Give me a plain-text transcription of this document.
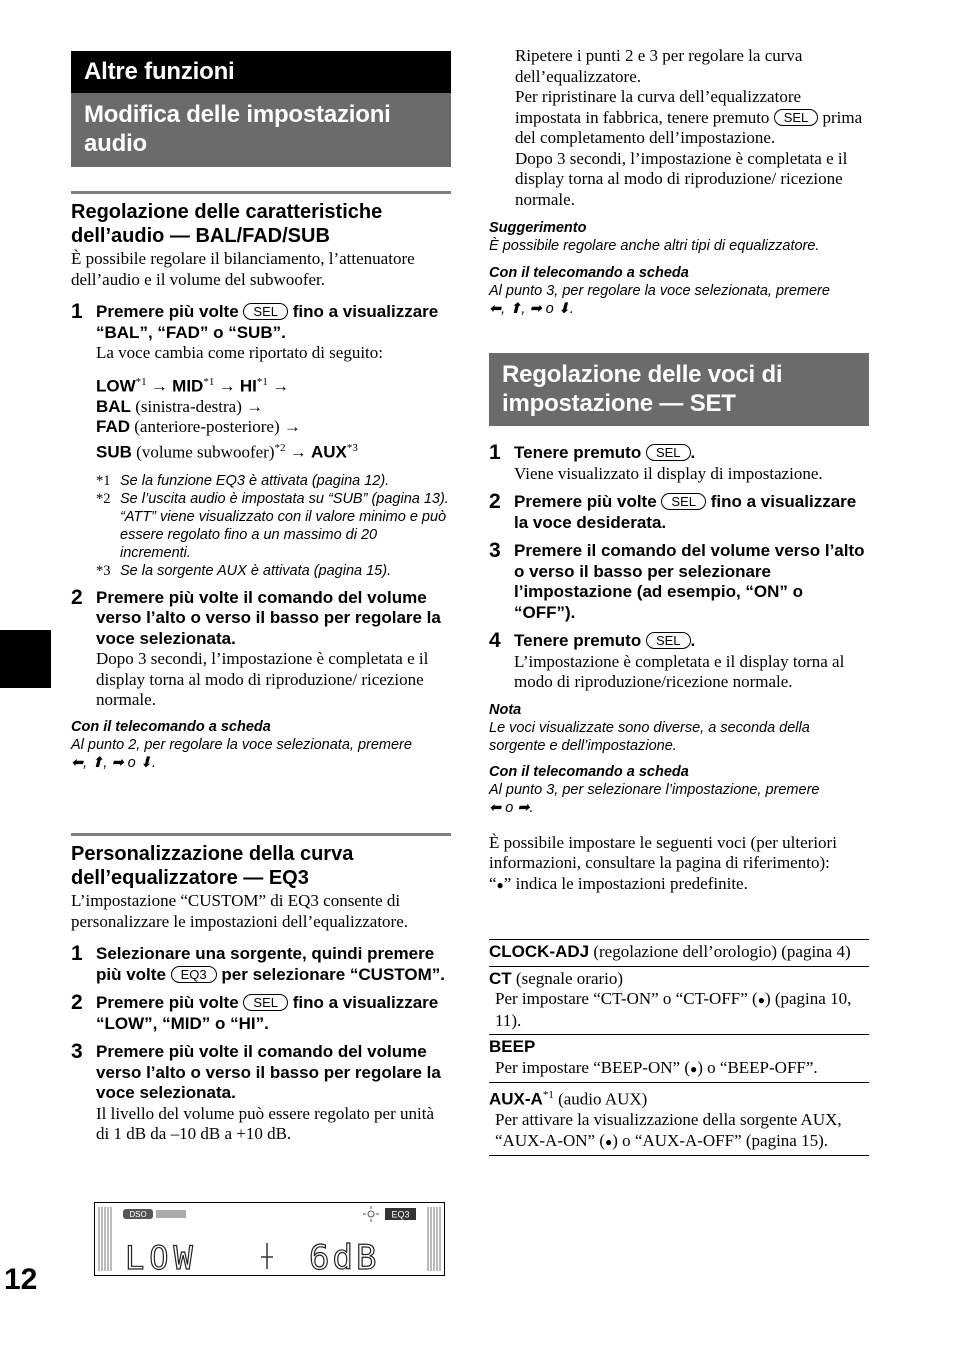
12
Altre funzioni
Modifica delle impostazioni audio
Regolazione delle caratteristiche dell’audio — BAL/FAD/SUB

È possibile regolare il bilanciamento, l’attenuatore dell’audio e il volume del subwoofer.

1 Premere più volte SEL fino a visualizzare “BAL”, “FAD” o “SUB”.

La voce cambia come riportato di seguito:

$LOW^{*1} \to MID^{*1} \to HI^{*1}$ →
BAL (sinistra-destra) →
FAD (anteriore-posteriore) →
SUB (volume subwoofer)$^{*2}$ → $AUX^{*3}$
*1 Se la funzione EQ3 è attivata (pagina 12).
*2 Se l’uscita audio è impostata su “SUB” (pagina 13).
“ATT” viene visualizzato con il valore minimo e può essere regolato fino a un massimo di 20 incrementi.
*3 Se la sorgente AUX è attivata (pagina 15).
2 Premere più volte il comando del volume verso l’alto o verso il basso per regolare la voce selezionata.

Dopo 3 secondi, l’impostazione è completata e il display torna al modo di riproduzione/ ricezione normale.

Con il telecomando a scheda
Al punto 2, per regolare la voce selezionata, premere
⬅, ⬆, ➡ o ⬇.
Personalizzazione della curva dell’equalizzatore — EQ3

L’impostazione “CUSTOM” di EQ3 consente di personalizzare le impostazioni dell’equalizzatore.

1 Selezionare una sorgente, quindi premere più volte EQ3 per selezionare “CUSTOM”.
2 Premere più volte SEL fino a visualizzare “LOW”, “MID” o “HI”.
3 Premere più volte il comando del volume verso l’alto o verso il basso per regolare la voce selezionata.

Il livello del volume può essere regolato per unità di 1 dB da –10 dB a +10 dB.

DSO	EQ3
LOW	6dB

Ripetere i punti 2 e 3 per regolare la curva dell’equalizzatore.

Per ripristinare la curva dell’equalizzatore impostata in fabbrica, tenere premuto SEL prima del completamento dell’impostazione.

Dopo 3 secondi, l’impostazione è completata e il display torna al modo di riproduzione/ ricezione normale.

Suggerimento
È possibile regolare anche altri tipi di equalizzatore.
Con il telecomando a scheda
Al punto 3, per regolare la voce selezionata, premere
⬅, ⬆, ➡ o ⬇.
Regolazione delle voci di impostazione — SET
1 Tenere premuto SEL .

Viene visualizzato il display di impostazione.

2 Premere più volte SEL fino a visualizzare la voce desiderata.
3 Premere il comando del volume verso l’alto o verso il basso per selezionare l’impostazione (ad esempio, “ON” o “OFF”).
4 Tenere premuto SEL .

L’impostazione è completata e il display torna al modo di riproduzione/ricezione normale.

Nota
Le voci visualizzate sono diverse, a seconda della sorgente e dell’impostazione.
Con il telecomando a scheda
Al punto 3, per selezionare l’impostazione, premere
⬅ o ➡.

È possibile impostare le seguenti voci (per ulteriori informazioni, consultare la pagina di riferimento):

“●” indica le impostazioni predefinite.

CLOCK-ADJ (regolazione dell’orologio) (pagina 4)
CT (segnale orario)
Per impostare “CT-ON” o “CT-OFF” (●) (pagina 10, 11).
BEEP
Per impostare “BEEP-ON” (●) o “BEEP-OFF”.
AUX-$A^{*1}$ (audio AUX)
Per attivare la visualizzazione della sorgente AUX, “AUX-A-ON” (●) o “AUX-A-OFF” (pagina 15).
